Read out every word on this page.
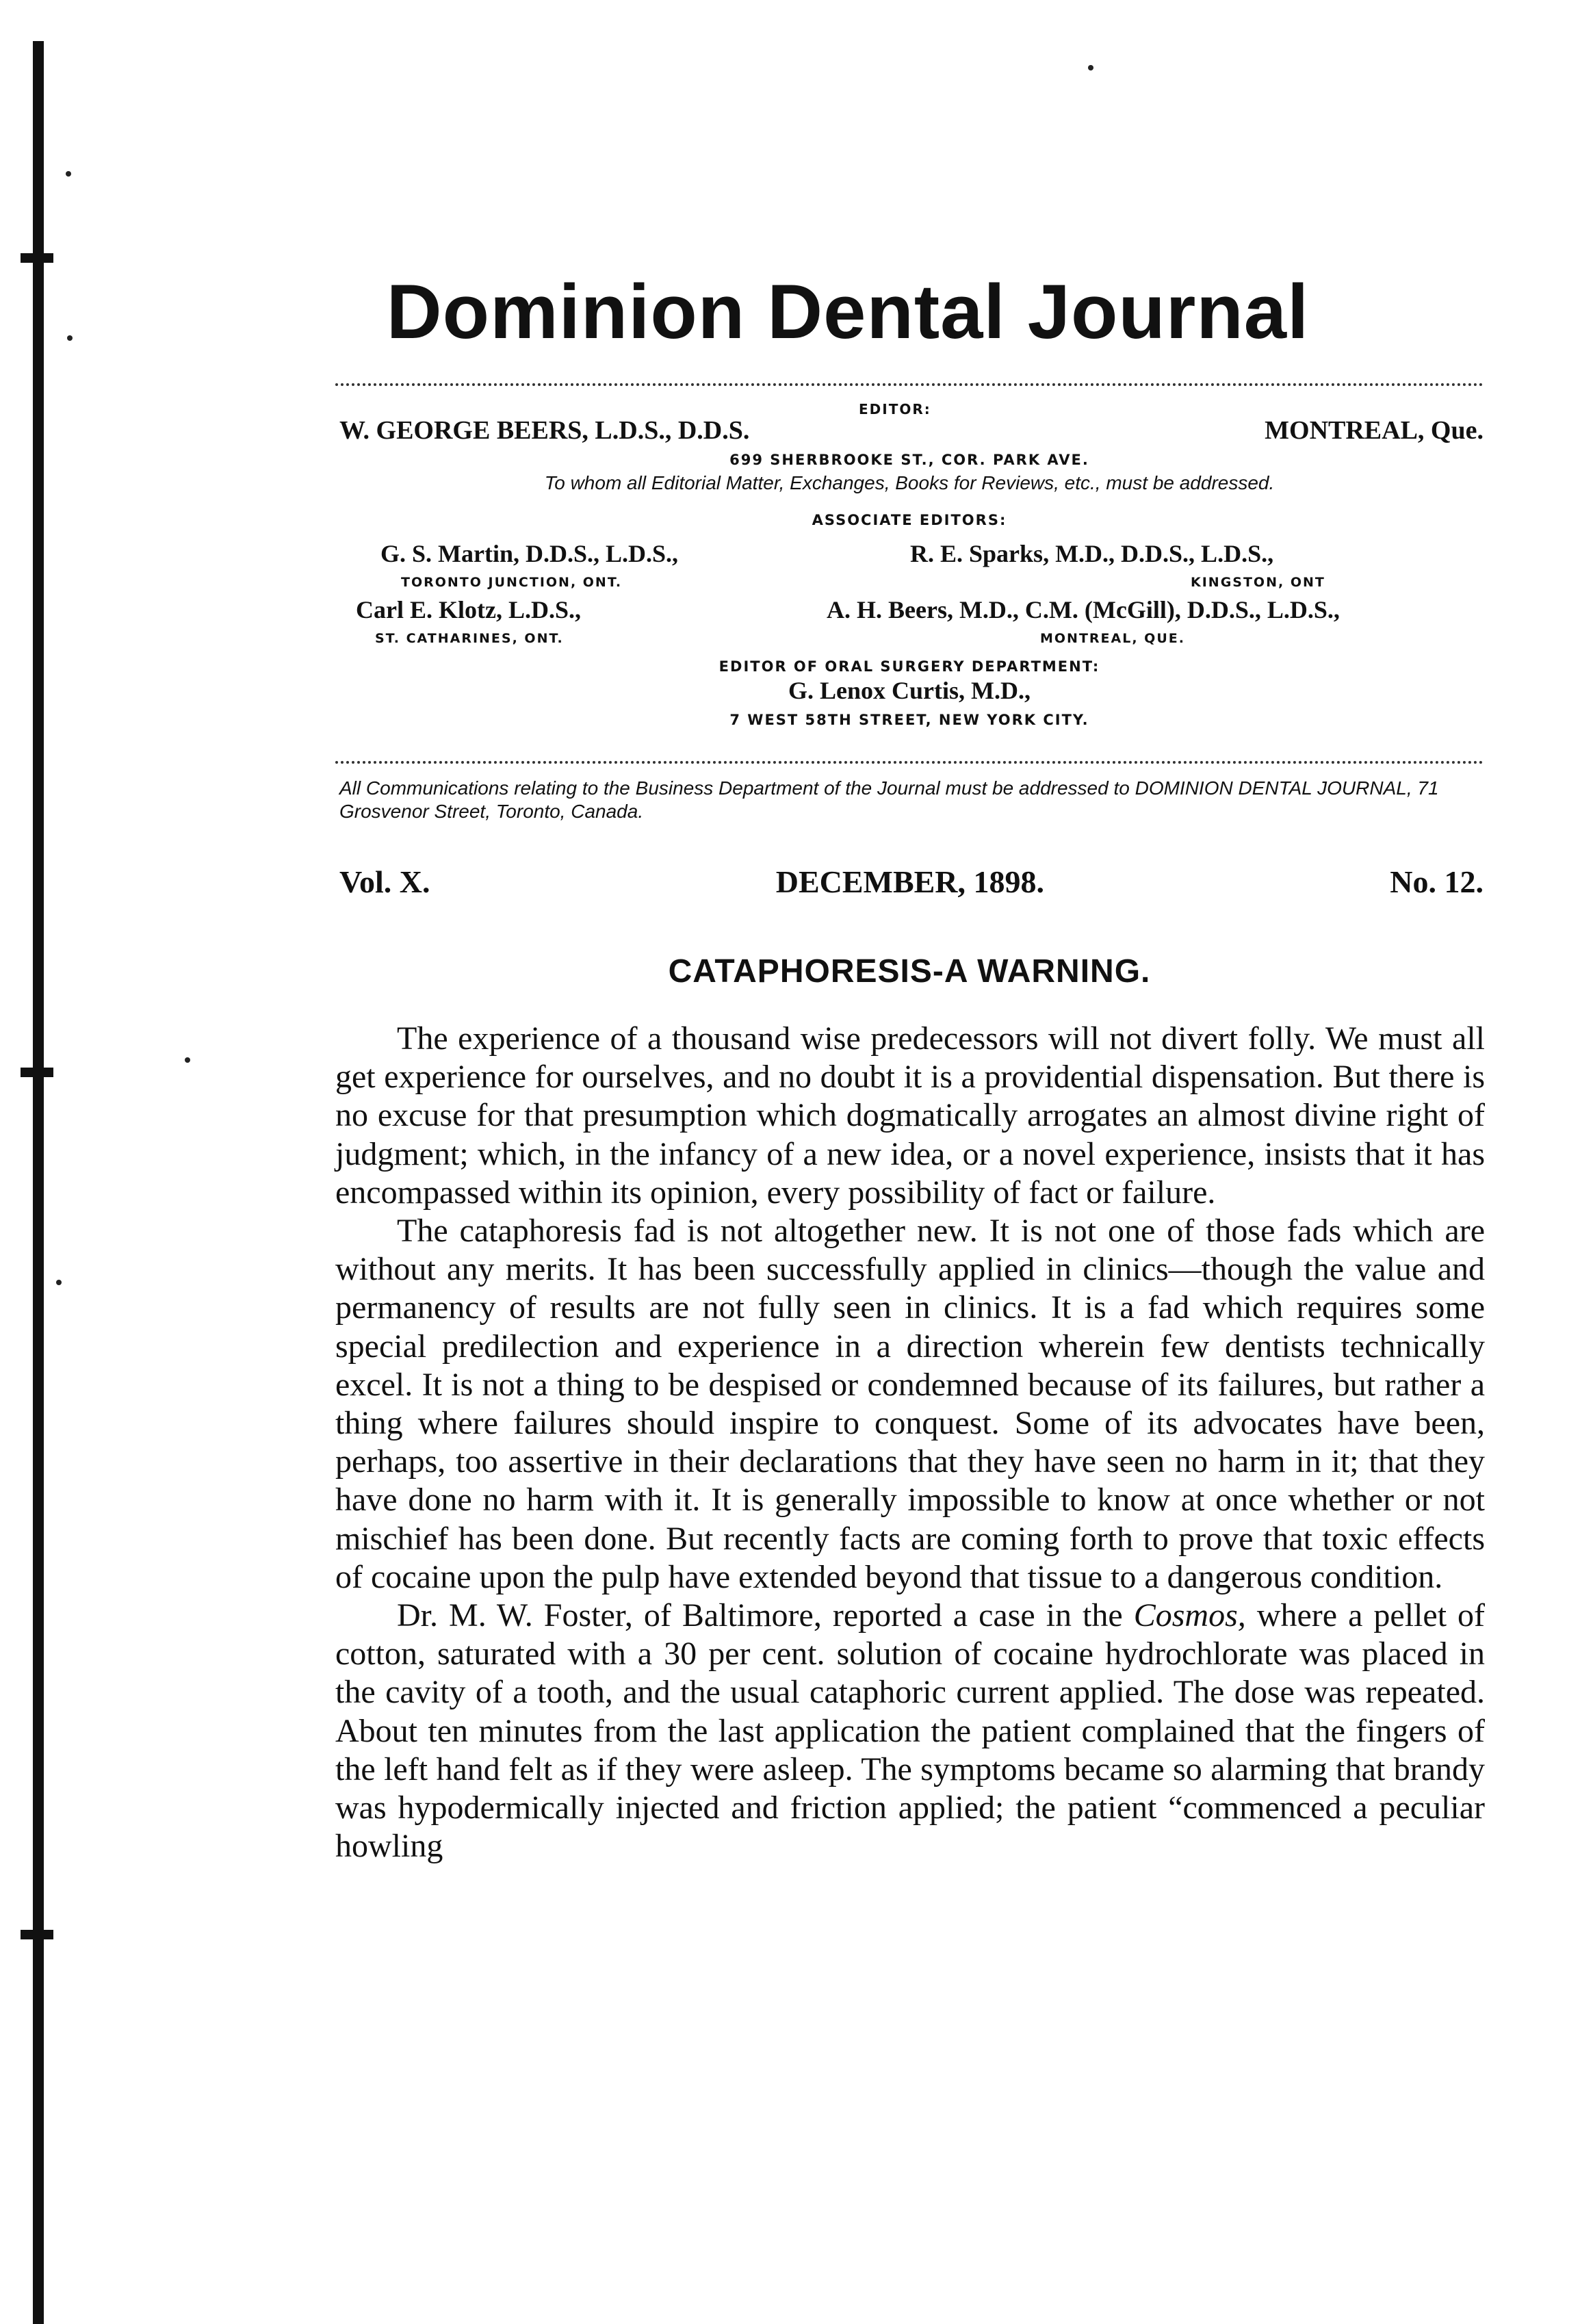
Dominion Dental Journal
EDITOR:
W. GEORGE BEERS, L.D.S., D.D.S.	MONTREAL, Que.
699 SHERBROOKE ST., COR. PARK AVE.
To whom all Editorial Matter, Exchanges, Books for Reviews, etc., must be addressed.
ASSOCIATE EDITORS:
G. S. Martin, D.D.S., L.D.S.,
TORONTO JUNCTION, ONT.
R. E. Sparks, M.D., D.D.S., L.D.S.,
KINGSTON, ONT
Carl E. Klotz, L.D.S.,
ST. CATHARINES, ONT.
A. H. Beers, M.D., C.M. (McGill), D.D.S., L.D.S.,
MONTREAL, QUE.
EDITOR OF ORAL SURGERY DEPARTMENT:
G. Lenox Curtis, M.D.,
7 WEST 58TH STREET, NEW YORK CITY.
All Communications relating to the Business Department of the Journal must be addressed to DOMINION DENTAL JOURNAL, 71 Grosvenor Street, Toronto, Canada.
Vol. X.	DECEMBER, 1898.	No. 12.
CATAPHORESIS-A WARNING.

The experience of a thousand wise predecessors will not divert folly. We must all get experience for ourselves, and no doubt it is a providential dispensation. But there is no excuse for that presumption which dogmatically arrogates an almost divine right of judgment; which, in the infancy of a new idea, or a novel experience, insists that it has encompassed within its opinion, every possibility of fact or failure.

The cataphoresis fad is not altogether new. It is not one of those fads which are without any merits. It has been successfully applied in clinics—though the value and permanency of results are not fully seen in clinics. It is a fad which requires some special predilection and experience in a direction wherein few dentists technically excel. It is not a thing to be despised or condemned because of its failures, but rather a thing where failures should inspire to conquest. Some of its advocates have been, perhaps, too assertive in their declarations that they have seen no harm in it; that they have done no harm with it. It is generally impossible to know at once whether or not mischief has been done. But recently facts are coming forth to prove that toxic effects of cocaine upon the pulp have extended beyond that tissue to a dangerous condition.

Dr. M. W. Foster, of Baltimore, reported a case in the Cosmos, where a pellet of cotton, saturated with a 30 per cent. solution of cocaine hydrochlorate was placed in the cavity of a tooth, and the usual cataphoric current applied. The dose was repeated. About ten minutes from the last application the patient complained that the fingers of the left hand felt as if they were asleep. The symptoms became so alarming that brandy was hypodermically injected and friction applied; the patient “commenced a peculiar howling
